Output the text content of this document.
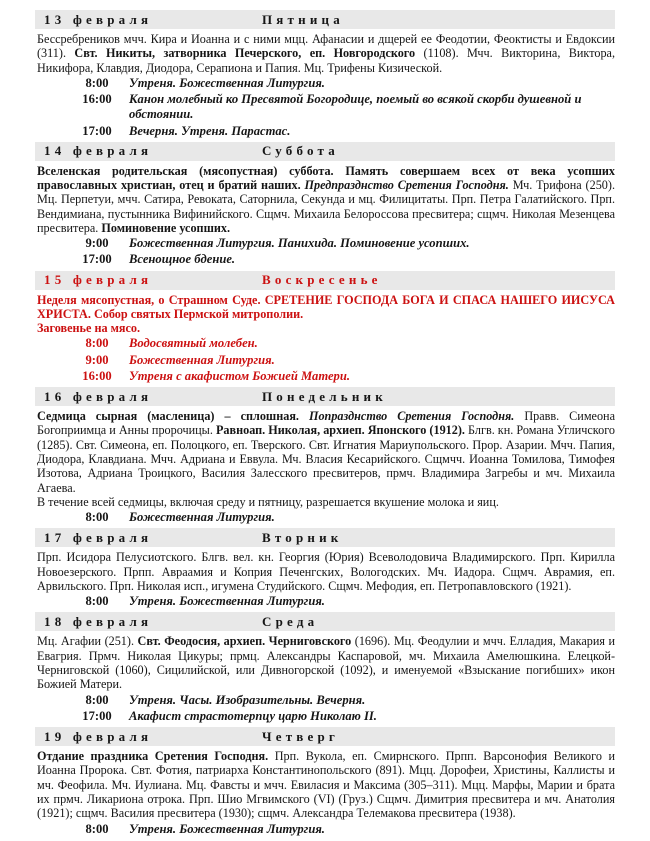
13 февраля	Пятница

Бессребреников мчч. Кира и Иоанна и с ними мцц. Афанасии и дщерей ее Феодотии, Феоктисты и Евдоксии (311). Свт. Никиты, затворника Печерского, еп. Новгородского (1108). Мчч. Викторина, Виктора, Никифора, Клавдия, Диодора, Серапиона и Папия. Мц. Трифены Кизической.

8:00	Утреня. Божественная Литургия.
16:00	Канон молебный ко Пресвятой Богородице, поемый во всякой скорби душевной и обстоянии.
17:00	Вечерня. Утреня. Парастас.
14 февраля	Суббота

Вселенская родительская (мясопустная) суббота. Память совершаем всех от века усопших православных христиан, отец и братий наших. Предпразднство Сретения Господня. Мч. Трифона (250). Мц. Перпетуи, мчч. Сатира, Ревоката, Саторнила, Секунда и мц. Филицитаты. Прп. Петра Галатийского. Прп. Вендимиана, пустынника Вифинийского. Сщмч. Михаила Белороссова пресвитера; сщмч. Николая Мезенцева пресвитера. Поминовение усопших.

9:00	Божественная Литургия. Панихида. Поминовение усопших.
17:00	Всенощное бдение.
15 февраля	Воскресенье

Неделя мясопустная, о Страшном Суде. СРЕТЕНИЕ ГОСПОДА БОГА И СПАСА НАШЕГО ИИСУСА ХРИСТА. Собор святых Пермской митрополии.

Заговенье на мясо.

8:00	Водосвятный молебен.
9:00	Божественная Литургия.
16:00	Утреня с акафистом Божией Матери.
16 февраля	Понедельник

Седмица сырная (масленица) – сплошная. Попразднство Сретения Господня. Правв. Симеона Богоприимца и Анны пророчицы. Равноап. Николая, архиеп. Японского (1912). Блгв. кн. Романа Угличского (1285). Свт. Симеона, еп. Полоцкого, еп. Тверского. Свт. Игнатия Мариупольского. Прор. Азарии. Мчч. Папия, Диодора, Клавдиана. Мчч. Адриана и Еввула. Мч. Власия Кесарийского. Сщмчч. Иоанна Томилова, Тимофея Изотова, Адриана Троицкого, Василия Залесского пресвитеров, прмч. Владимира Загребы и мч. Михаила Агаева.

В течение всей седмицы, включая среду и пятницу, разрешается вкушение молока и яиц.

8:00	Божественная Литургия.
17 февраля	Вторник

Прп. Исидора Пелусиотского. Блгв. вел. кн. Георгия (Юрия) Всеволодовича Владимирского. Прп. Кирилла Новоезерского. Прпп. Авраамия и Коприя Печенгских, Вологодских. Мч. Иадора. Сщмч. Аврамия, еп. Арвильского. Прп. Николая исп., игумена Студийского. Сщмч. Мефодия, еп. Петропавловского (1921).

8:00	Утреня. Божественная Литургия.
18 февраля	Среда

Мц. Агафии (251). Свт. Феодосия, архиеп. Черниговского (1696). Мц. Феодулии и мчч. Елладия, Макария и Евагрия. Прмч. Николая Цикуры; прмц. Александры Каспаровой, мч. Михаила Амелюшкина. Елецкой-Черниговской (1060), Сицилийской, или Дивногорской (1092), и именуемой «Взыскание погибших» икон Божией Матери.

8:00	Утреня. Часы. Изобразительны. Вечерня.
17:00	Акафист страстотерпцу царю Николаю II.
19 февраля	Четверг

Отдание праздника Сретения Господня. Прп. Вукола, еп. Смирнского. Прпп. Варсонофия Великого и Иоанна Пророка. Свт. Фотия, патриарха Константинопольского (891). Мцц. Дорофеи, Христины, Каллисты и мч. Феофила. Мч. Иулиана. Мц. Фавсты и мчч. Евиласия и Максима (305–311). Мцц. Марфы, Марии и брата их прмч. Ликариона отрока. Прп. Шио Мгвимского (VI) (Груз.) Сщмч. Димитрия пресвитера и мч. Анатолия (1921); сщмч. Василия пресвитера (1930); сщмч. Александра Телемакова пресвитера (1938).

8:00	Утреня. Божественная Литургия.
